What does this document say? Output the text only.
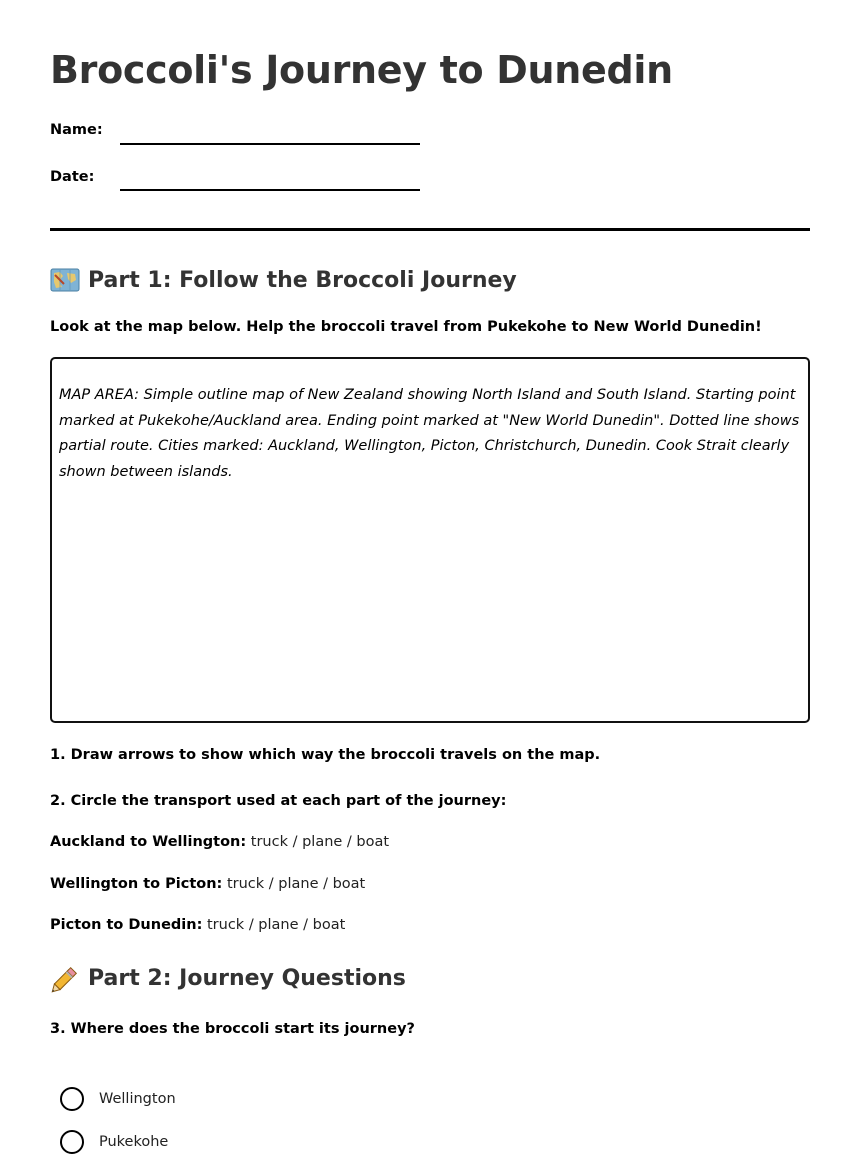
Broccoli's Journey to Dunedin
Name:
Date:
Part 1: Follow the Broccoli Journey

Look at the map below. Help the broccoli travel from Pukekohe to New World Dunedin!

MAP AREA: Simple outline map of New Zealand showing North Island and South Island. Starting point marked at Pukekohe/Auckland area. Ending point marked at "New World Dunedin". Dotted line shows partial route. Cities marked: Auckland, Wellington, Picton, Christchurch, Dunedin. Cook Strait clearly shown between islands.

1. Draw arrows to show which way the broccoli travels on the map.

2. Circle the transport used at each part of the journey:

Auckland to Wellington: truck / plane / boat

Wellington to Picton: truck / plane / boat

Picton to Dunedin: truck / plane / boat

Part 2: Journey Questions

3. Where does the broccoli start its journey?

Wellington
Pukekohe
